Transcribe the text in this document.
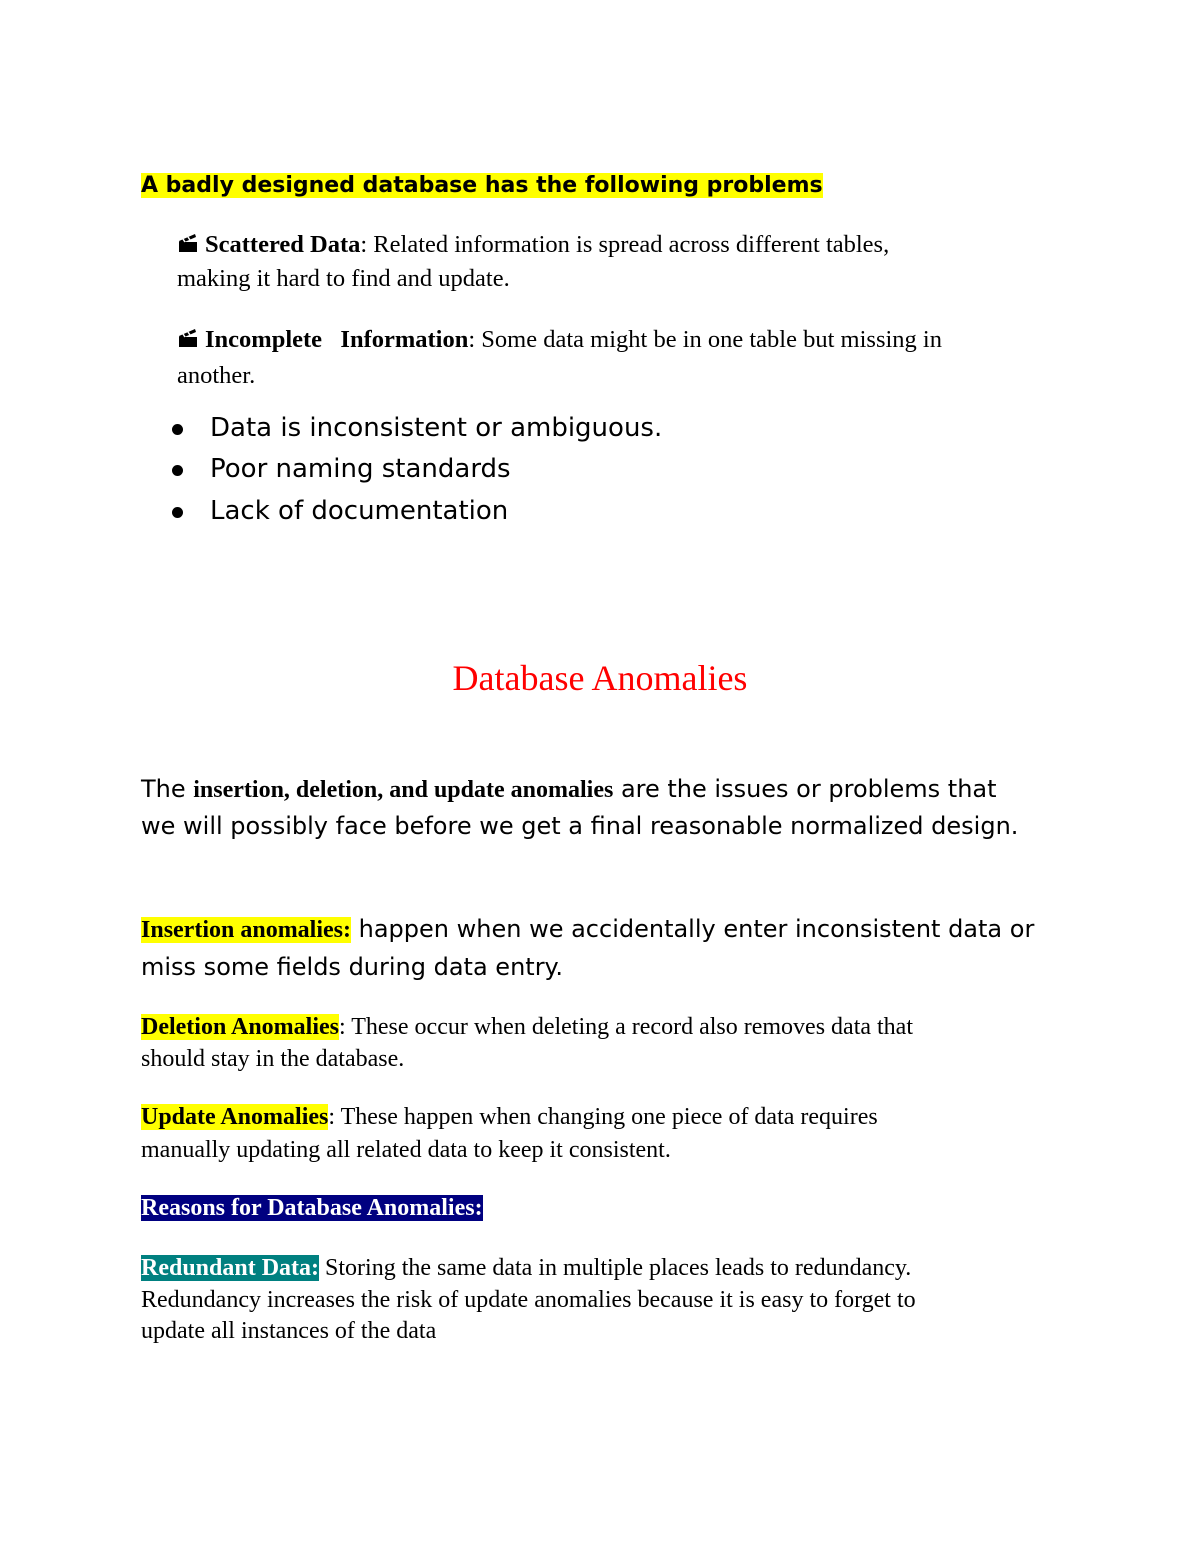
A badly designed database has the following problems
Scattered Data: Related information is spread across different tables,
making it hard to find and update.
Incomplete   Information: Some data might be in one table but missing in
another.
Data is inconsistent or ambiguous.
Poor naming standards
Lack of documentation
Database Anomalies
The insertion, deletion, and update anomalies are the issues or problems that
we will possibly face before we get a final reasonable normalized design.
Insertion anomalies: happen when we accidentally enter inconsistent data or
miss some fields during data entry.
Deletion Anomalies: These occur when deleting a record also removes data that
should stay in the database.
Update Anomalies: These happen when changing one piece of data requires
manually updating all related data to keep it consistent.
Reasons for Database Anomalies:
Redundant Data: Storing the same data in multiple places leads to redundancy.
Redundancy increases the risk of update anomalies because it is easy to forget to
update all instances of the data
